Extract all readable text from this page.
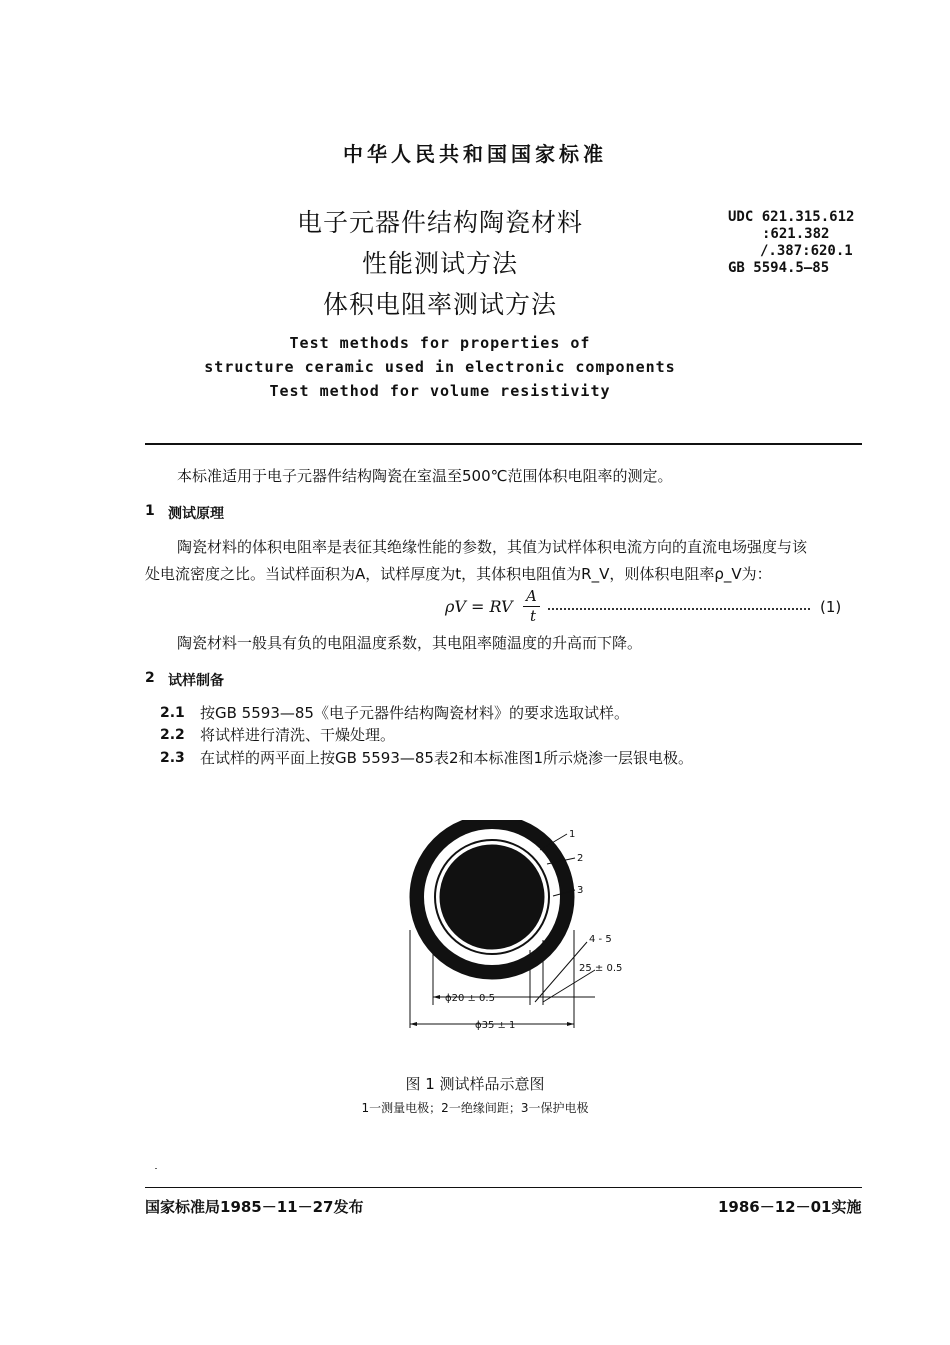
中华人民共和国国家标准
电子元器件结构陶瓷材料
性能测试方法
体积电阻率测试方法
UDC 621.315.612
:621.382
/.387:620.1
GB 5594.5—85
Test methods for properties of
structure ceramic used in electronic components
Test method for volume resistivity
本标准适用于电子元器件结构陶瓷在室温至500℃范围体积电阻率的测定。
1 测试原理
陶瓷材料的体积电阻率是表征其绝缘性能的参数，其值为试样体积电流方向的直流电场强度与该
处电流密度之比。当试样面积为A，试样厚度为t，其体积电阻值为R_V，则体积电阻率ρ_V为：
ρV = RV
A
t	(1)
陶瓷材料一般具有负的电阻温度系数，其电阻率随温度的升高而下降。
2 试样制备
2.1 按GB 5593—85《电子元器件结构陶瓷材料》的要求选取试样。
2.2 将试样进行清洗、干燥处理。
2.3 在试样的两平面上按GB 5593—85表2和本标准图1所示烧渗一层银电极。
1
2
3
4 - 5
25 ± 0.5
ϕ20 ± 0.5
ϕ35 ± 1
图 1 测试样品示意图
1一测量电极；2一绝缘间距；3一保护电极
国家标准局1985－11－27发布	1986－12－01实施
